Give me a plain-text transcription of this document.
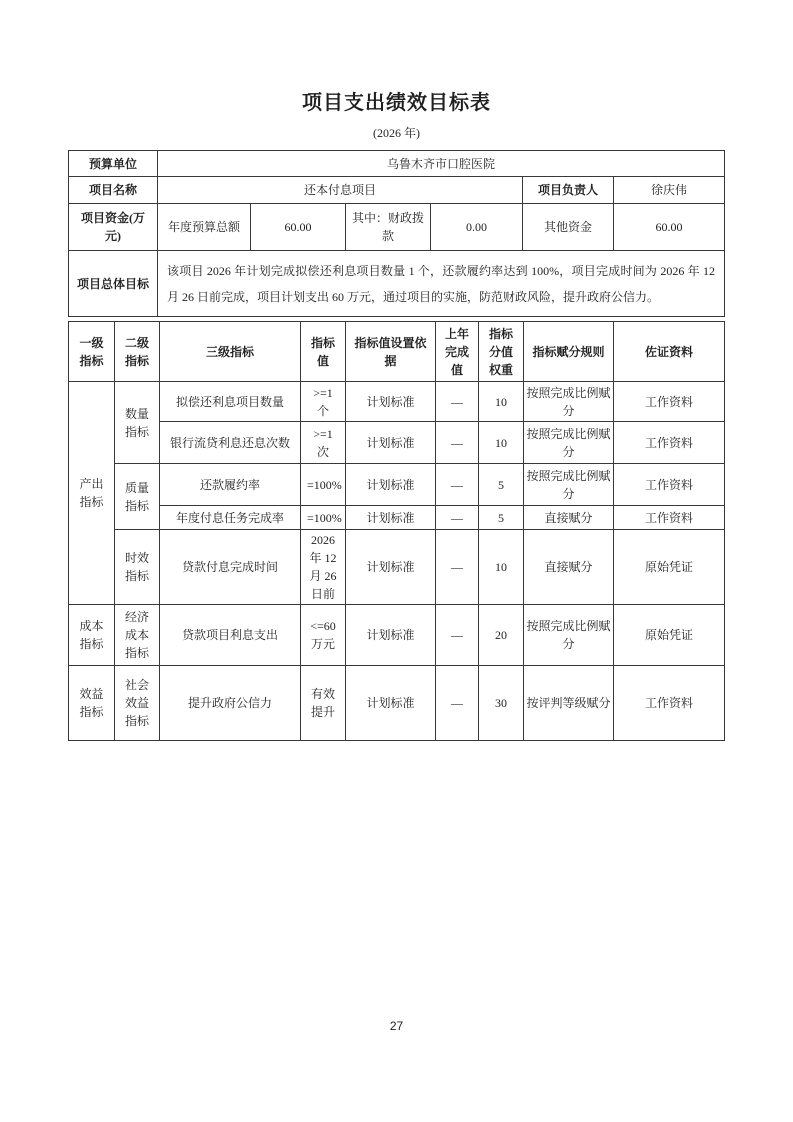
项目支出绩效目标表
(2026 年)
预算单位	乌鲁木齐市口腔医院					
项目名称	还本付息项目				项目负责人	徐庆伟
项目资金(万元)	年度预算总额	60.00	其中：财政拨款	0.00	其他资金	60.00
项目总体目标	该项目 2026 年计划完成拟偿还利息项目数量 1 个，还款履约率达到 100%，项目完成时间为 2026 年 12 月 26 日前完成，项目计划支出 60 万元，通过项目的实施，防范财政风险，提升政府公信力。					
一级指标	二级指标	三级指标	指标值	指标值设置依据	上年完成值	指标分值权重	指标赋分规则	佐证资料
产出指标	数量指标	拟偿还利息项目数量	>=1 个	计划标准	—	10	按照完成比例赋分	工作资料
		银行流贷利息还息次数	>=1 次	计划标准	—	10	按照完成比例赋分	工作资料
	质量指标	还款履约率	=100%	计划标准	—	5	按照完成比例赋分	工作资料
		年度付息任务完成率	=100%	计划标准	—	5	直接赋分	工作资料
	时效指标	贷款付息完成时间	2026 年 12 月 26 日前	计划标准	—	10	直接赋分	原始凭证
成本指标	经济成本指标	贷款项目利息支出	<=60 万元	计划标准	—	20	按照完成比例赋分	原始凭证
效益指标	社会效益指标	提升政府公信力	有效提升	计划标准	—	30	按评判等级赋分	工作资料
27
